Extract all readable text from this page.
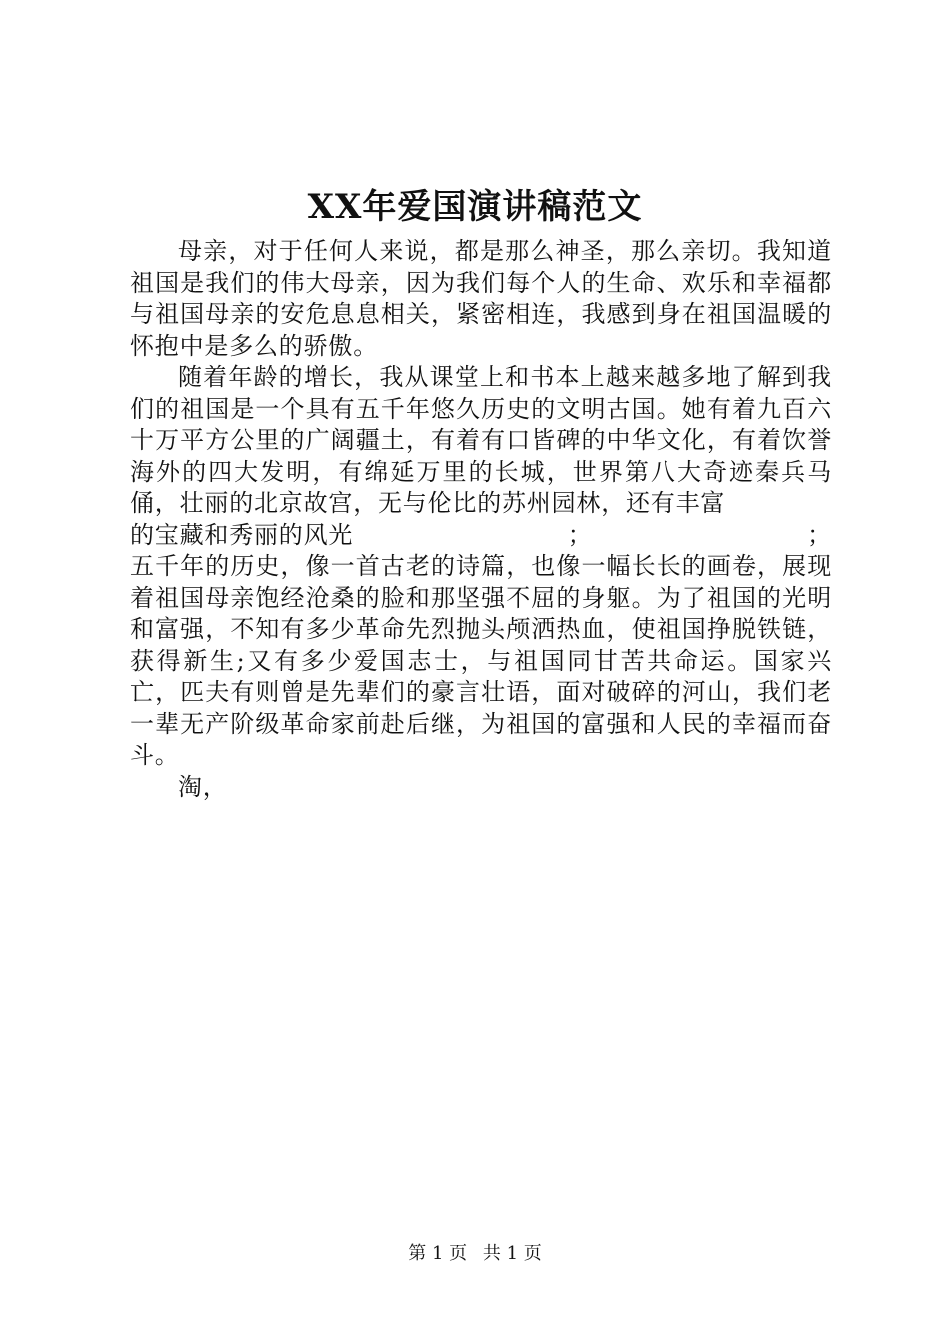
XX年爱国演讲稿范文

母亲，对于任何人来说，都是那么神圣，那么亲切。我知道祖国是我们的伟大母亲，因为我们每个人的生命、欢乐和幸福都与祖国母亲的安危息息相关，紧密相连，我感到身在祖国温暖的怀抱中是多么的骄傲。

随着年龄的增长，我从课堂上和书本上越来越多地了解到我们的祖国是一个具有五千年悠久历史的文明古国。她有着九百六十万平方公里的广阔疆土，有着有口皆碑的中华文化，有着饮誉海外的四大发明，有绵延万里的长城，世界第八大奇迹秦兵马俑，壮丽的北京故宫，无与伦比的苏州园林，还有丰富

的宝藏和秀丽的风光	；	；

五千年的历史，像一首古老的诗篇，也像一幅长长的画卷，展现着祖国母亲饱经沧桑的脸和那坚强不屈的身躯。为了祖国的光明和富强，不知有多少革命先烈抛头颅洒热血，使祖国挣脱铁链，获得新生;又有多少爱国志士，与祖国同甘苦共命运。国家兴亡，匹夫有则曾是先辈们的豪言壮语，面对破碎的河山，我们老一辈无产阶级革命家前赴后继，为祖国的富强和人民的幸福而奋斗。

淘，

第 1 页 共 1 页
